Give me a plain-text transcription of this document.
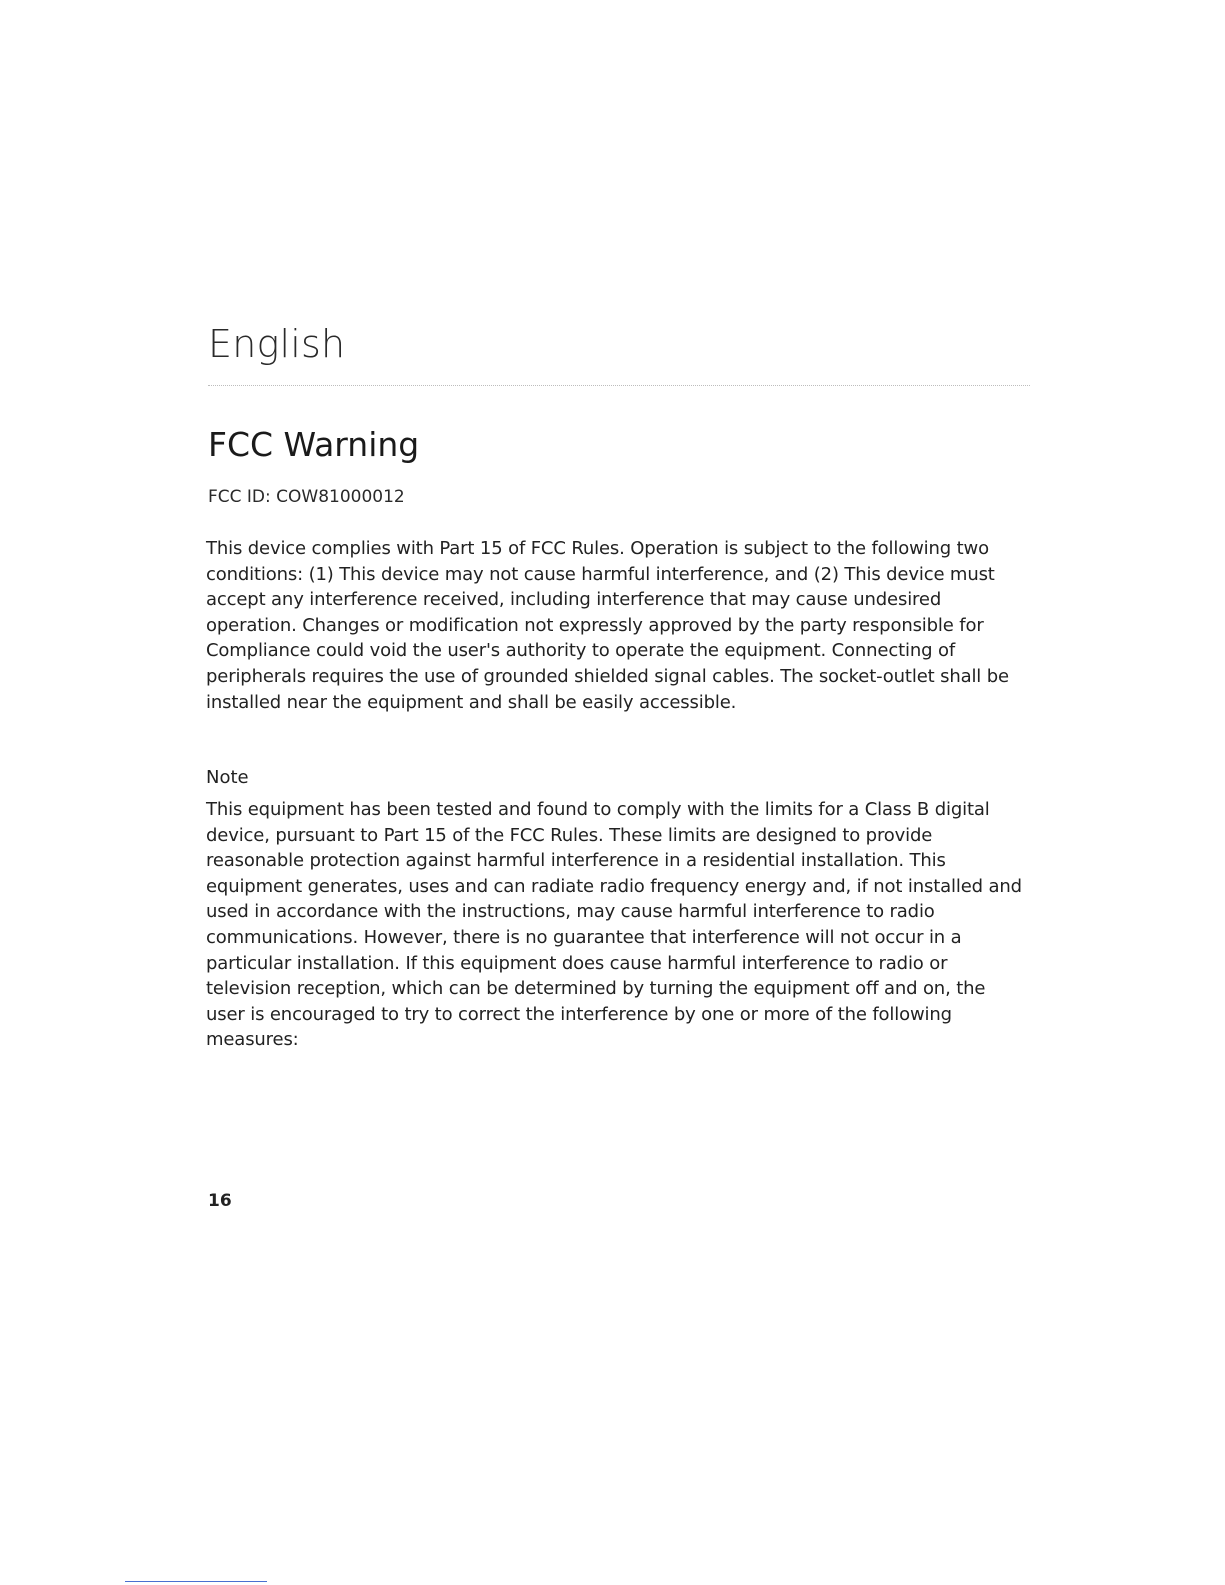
English
FCC Warning

FCC ID: COW81000012

This device complies with Part 15 of FCC Rules. Operation is subject to the following two conditions: (1) This device may not cause harmful interference, and (2) This device must accept any interference received, including interference that may cause undesired operation. Changes or modification not expressly approved by the party responsible for Compliance could void the user's authority to operate the equipment. Connecting of peripherals requires the use of grounded shielded signal cables. The socket-outlet shall be installed near the equipment and shall be easily accessible.

Note

This equipment has been tested and found to comply with the limits for a Class B digital device, pursuant to Part 15 of the FCC Rules. These limits are designed to provide reasonable protection against harmful interference in a residential installation. This equipment generates, uses and can radiate radio frequency energy and, if not installed and used in accordance with the instructions, may cause harmful interference to radio communications. However, there is no guarantee that interference will not occur in a particular installation. If this equipment does cause harmful interference to radio or television reception, which can be determined by turning the equipment off and on, the user is encouraged to try to correct the interference by one or more of the following measures:

16
